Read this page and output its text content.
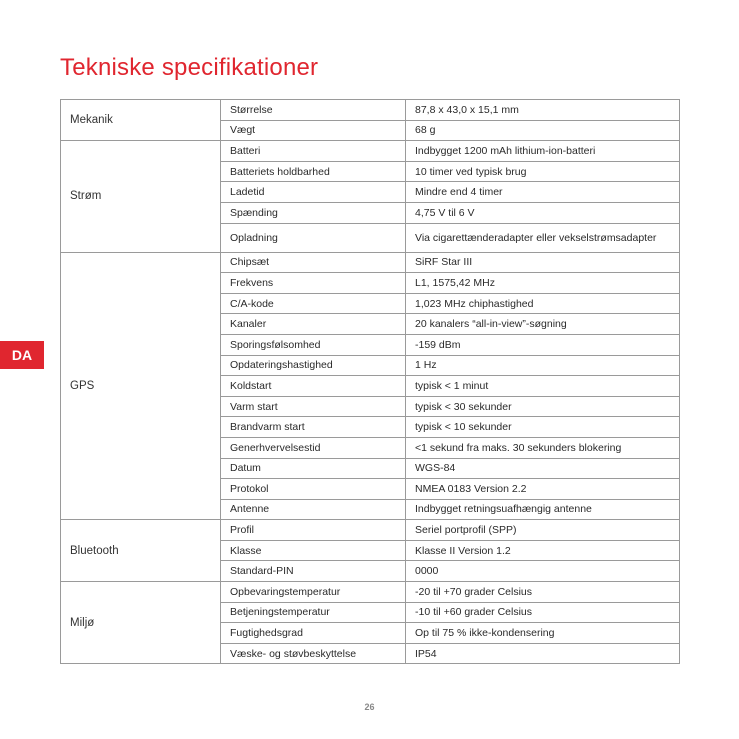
Tekniske specifikationer
DA
Mekanik	Størrelse	87,8 x 43,0 x 15,1 mm
	Vægt	68 g
Strøm	Batteri	Indbygget 1200 mAh lithium-ion-batteri
	Batteriets holdbarhed	10 timer ved typisk brug
	Ladetid	Mindre end 4 timer
	Spænding	4,75 V til 6 V
	Opladning	Via cigarettænderadapter eller vekselstrømsadapter
GPS	Chipsæt	SiRF Star III
	Frekvens	L1, 1575,42 MHz
	C/A-kode	1,023 MHz chiphastighed
	Kanaler	20 kanalers “all-in-view”-søgning
	Sporingsfølsomhed	-159 dBm
	Opdateringshastighed	1 Hz
	Koldstart	typisk < 1 minut
	Varm start	typisk < 30 sekunder
	Brandvarm start	typisk < 10 sekunder
	Generhvervelsestid	<1 sekund fra maks. 30 sekunders blokering
	Datum	WGS-84
	Protokol	NMEA 0183 Version 2.2
	Antenne	Indbygget retningsuafhængig antenne
Bluetooth	Profil	Seriel portprofil (SPP)
	Klasse	Klasse II Version 1.2
	Standard-PIN	0000
Miljø	Opbevaringstemperatur	-20 til +70 grader Celsius
	Betjeningstemperatur	-10 til +60 grader Celsius
	Fugtighedsgrad	Op til 75 % ikke-kondensering
	Væske- og støvbeskyttelse	IP54
26
